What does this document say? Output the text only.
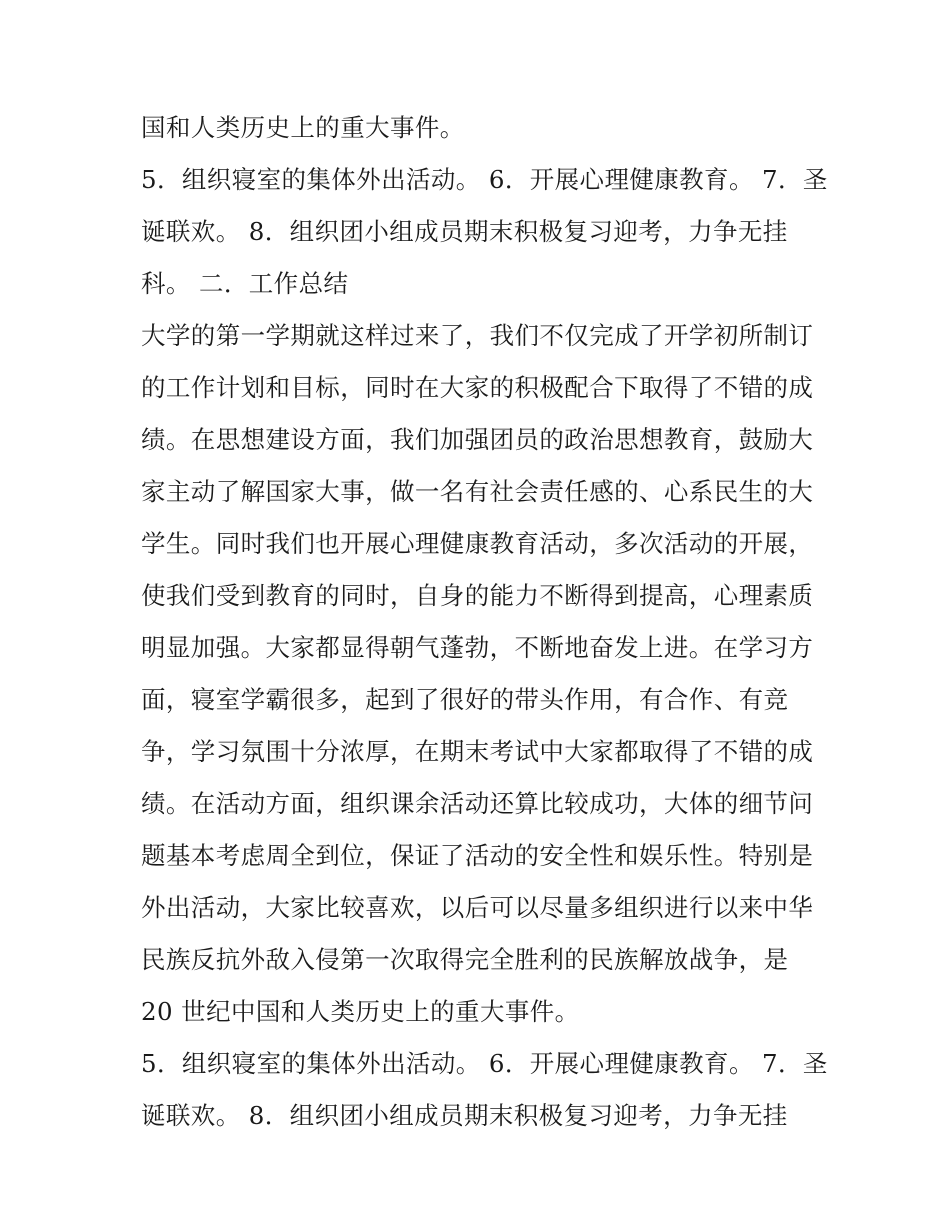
国和人类历史上的重大事件。
5．组织寝室的集体外出活动。 6．开展心理健康教育。 7．圣
诞联欢。 8．组织团小组成员期末积极复习迎考，力争无挂
科。 二．工作总结
大学的第一学期就这样过来了，我们不仅完成了开学初所制订
的工作计划和目标，同时在大家的积极配合下取得了不错的成
绩。在思想建设方面，我们加强团员的政治思想教育，鼓励大
家主动了解国家大事，做一名有社会责任感的、心系民生的大
学生。同时我们也开展心理健康教育活动，多次活动的开展，
使我们受到教育的同时，自身的能力不断得到提高，心理素质
明显加强。大家都显得朝气蓬勃，不断地奋发上进。在学习方
面，寝室学霸很多，起到了很好的带头作用，有合作、有竞
争，学习氛围十分浓厚，在期末考试中大家都取得了不错的成
绩。在活动方面，组织课余活动还算比较成功，大体的细节问
题基本考虑周全到位，保证了活动的安全性和娱乐性。特别是
外出活动，大家比较喜欢，以后可以尽量多组织进行以来中华
民族反抗外敌入侵第一次取得完全胜利的民族解放战争，是
20 世纪中国和人类历史上的重大事件。
5．组织寝室的集体外出活动。 6．开展心理健康教育。 7．圣
诞联欢。 8．组织团小组成员期末积极复习迎考，力争无挂
